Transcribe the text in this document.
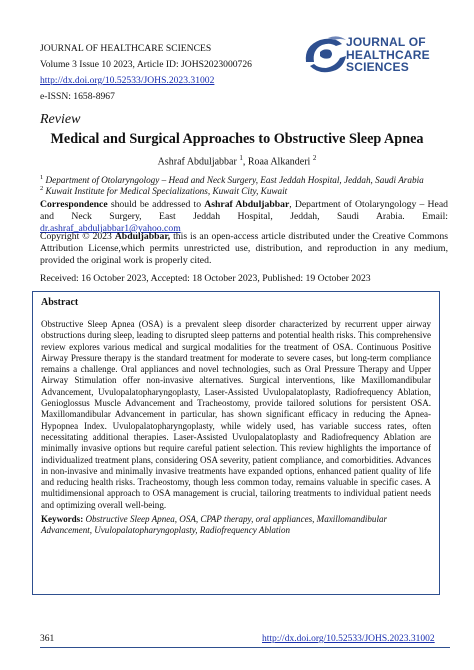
JOURNAL OF HEALTHCARE SCIENCES
Volume 3 Issue 10 2023, Article ID: JOHS2023000726
http://dx.doi.org/10.52533/JOHS.2023.31002
e-ISSN: 1658-8967
JOURNAL OF
HEALTHCARE
SCIENCES
Review
Medical and Surgical Approaches to Obstructive Sleep Apnea
Ashraf Abduljabbar $^1$, Roaa Alkanderi $^2$
$^1$ Department of Otolaryngology – Head and Neck Surgery, East Jeddah Hospital, Jeddah, Saudi Arabia
$^2$ Kuwait Institute for Medical Specializations, Kuwait City, Kuwait
Correspondence should be addressed to Ashraf Abduljabbar, Department of Otolaryngology – Head and Neck Surgery, East Jeddah Hospital, Jeddah, Saudi Arabia. Email: dr.ashraf_abduljabbar1@yahoo.com
Copyright © 2023 Abduljabbar, this is an open-access article distributed under the Creative Commons Attribution License,which permits unrestricted use, distribution, and reproduction in any medium, provided the original work is properly cited.
Received: 16 October 2023, Accepted: 18 October 2023, Published: 19 October 2023
Abstract
Obstructive Sleep Apnea (OSA) is a prevalent sleep disorder characterized by recurrent upper airway obstructions during sleep, leading to disrupted sleep patterns and potential health risks. This comprehensive review explores various medical and surgical modalities for the treatment of OSA. Continuous Positive Airway Pressure therapy is the standard treatment for moderate to severe cases, but long-term compliance remains a challenge. Oral appliances and novel technologies, such as Oral Pressure Therapy and Upper Airway Stimulation offer non-invasive alternatives. Surgical interventions, like Maxillomandibular Advancement, Uvulopalatopharyngoplasty, Laser-Assisted Uvulopalatoplasty, Radiofrequency Ablation, Genioglossus Muscle Advancement and Tracheostomy, provide tailored solutions for persistent OSA. Maxillomandibular Advancement in particular, has shown significant efficacy in reducing the Apnea-Hypopnea Index. Uvulopalatopharyngoplasty, while widely used, has variable success rates, often necessitating additional therapies. Laser-Assisted Uvulopalatoplasty and Radiofrequency Ablation are minimally invasive options but require careful patient selection. This review highlights the importance of individualized treatment plans, considering OSA severity, patient compliance, and comorbidities. Advances in non-invasive and minimally invasive treatments have expanded options, enhanced patient quality of life and reducing health risks. Tracheostomy, though less common today, remains valuable in specific cases. A multidimensional approach to OSA management is crucial, tailoring treatments to individual patient needs and optimizing overall well-being.
Keywords: Obstructive Sleep Apnea, OSA, CPAP therapy, oral appliances, Maxillomandibular Advancement, Uvulopalatopharyngoplasty, Radiofrequency Ablation
361	http://dx.doi.org/10.52533/JOHS.2023.31002
